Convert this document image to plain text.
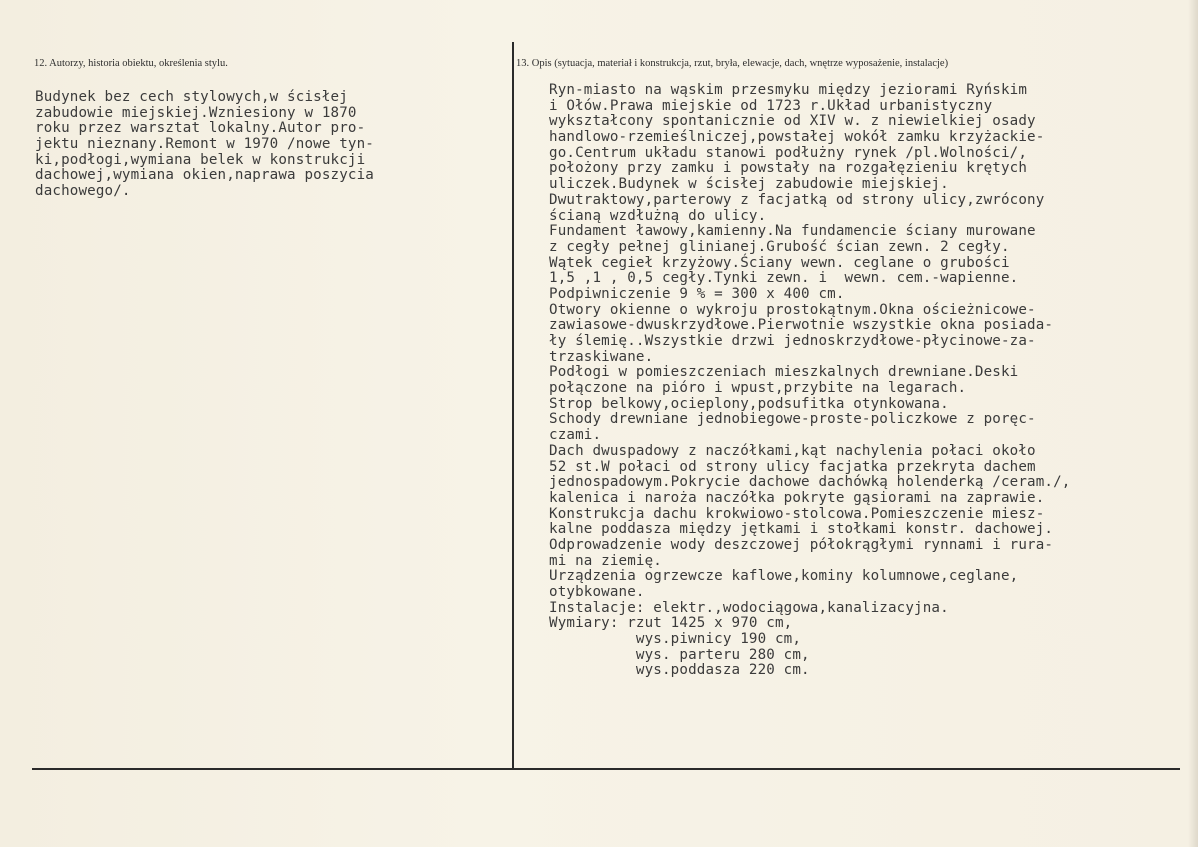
12. Autorzy, historia obiektu, określenia stylu.	13. Opis (sytuacja, materiał i konstrukcja, rzut, bryła, elewacje, dach, wnętrze wyposażenie, instalacje)
Budynek bez cech stylowych,w ścisłej
zabudowie miejskiej.Wzniesiony w 1870
roku przez warsztat lokalny.Autor pro-
jektu nieznany.Remont w 1970 /nowe tyn-
ki,podłogi,wymiana belek w konstrukcji
dachowej,wymiana okien,naprawa poszycia
dachowego/.
Ryn-miasto na wąskim przesmyku między jeziorami Ryńskim
i Ołów.Prawa miejskie od 1723 r.Układ urbanistyczny
wykształcony spontanicznie od XIV w. z niewielkiej osady
handlowo-rzemieślniczej,powstałej wokół zamku krzyżackie-
go.Centrum układu stanowi podłużny rynek /pl.Wolności/,
położony przy zamku i powstały na rozgałęzieniu krętych
uliczek.Budynek w ścisłej zabudowie miejskiej.
Dwutraktowy,parterowy z facjatką od strony ulicy,zwrócony
ścianą wzdłużną do ulicy.
Fundament ławowy,kamienny.Na fundamencie ściany murowane
z cegły pełnej glinianej.Grubość ścian zewn. 2 cegły.
Wątek cegieł krzyżowy.Ściany wewn. ceglane o grubości
1,5 ,1 , 0,5 cegły.Tynki zewn. i  wewn. cem.-wapienne.
Podpiwniczenie 9 % = 300 x 400 cm.
Otwory okienne o wykroju prostokątnym.Okna ościeżnicowe-
zawiasowe-dwuskrzydłowe.Pierwotnie wszystkie okna posiada-
ły ślemię..Wszystkie drzwi jednoskrzydłowe-płycinowe-za-
trzaskiwane.
Podłogi w pomieszczeniach mieszkalnych drewniane.Deski
połączone na pióro i wpust,przybite na legarach.
Strop belkowy,ocieplony,podsufitka otynkowana.
Schody drewniane jednobiegowe-proste-policzkowe z poręc-
czami.
Dach dwuspadowy z naczółkami,kąt nachylenia połaci około
52 st.W połaci od strony ulicy facjatka przekryta dachem
jednospadowym.Pokrycie dachowe dachówką holenderką /ceram./,
kalenica i naroża naczółka pokryte gąsiorami na zaprawie.
Konstrukcja dachu krokwiowo-stolcowa.Pomieszczenie miesz-
kalne poddasza między jętkami i stołkami konstr. dachowej.
Odprowadzenie wody deszczowej półokrągłymi rynnami i rura-
mi na ziemię.
Urządzenia ogrzewcze kaflowe,kominy kolumnowe,ceglane,
otybkowane.
Instalacje: elektr.,wodociągowa,kanalizacyjna.
Wymiary: rzut 1425 x 970 cm,
wys.piwnicy 190 cm,
wys. parteru 280 cm,
wys.poddasza 220 cm.
